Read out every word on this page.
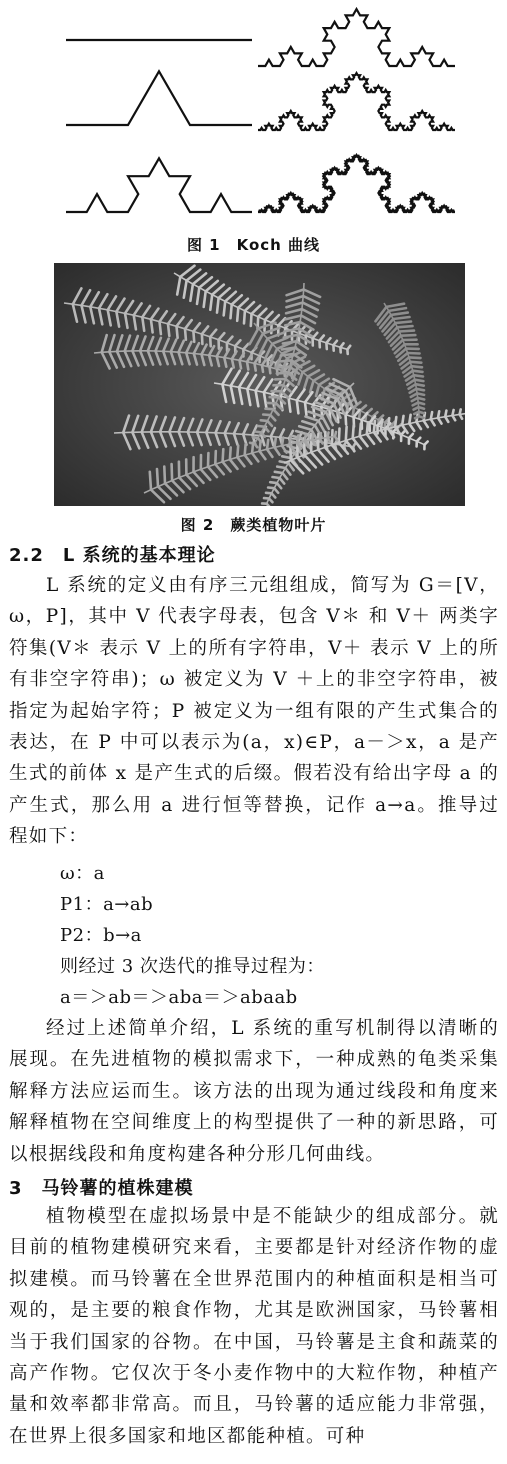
图 1　Koch 曲线
图 2　蕨类植物叶片
2.2　L 系统的基本理论

L 系统的定义由有序三元组组成，简写为 G＝[V，ω，P]，其中 V 代表字母表，包含 V＊ 和 V＋ 两类字符集(V＊ 表示 V 上的所有字符串，V＋ 表示 V 上的所有非空字符串)；ω 被定义为 V ＋上的非空字符串，被指定为起始字符；P 被定义为一组有限的产生式集合的表达，在 P 中可以表示为(a，x)∈P，a－＞x，a 是产生式的前体 x 是产生式的后缀。假若没有给出字母 a 的产生式，那么用 a 进行恒等替换，记作 a→a。推导过程如下：

ω：a
P1：a→ab
P2：b→a
则经过 3 次迭代的推导过程为：
a＝＞ab＝＞aba＝＞abaab

经过上述简单介绍，L 系统的重写机制得以清晰的展现。在先进植物的模拟需求下，一种成熟的龟类采集解释方法应运而生。该方法的出现为通过线段和角度来解释植物在空间维度上的构型提供了一种的新思路，可以根据线段和角度构建各种分形几何曲线。

3　马铃薯的植株建模

植物模型在虚拟场景中是不能缺少的组成部分。就目前的植物建模研究来看，主要都是针对经济作物的虚拟建模。而马铃薯在全世界范围内的种植面积是相当可观的，是主要的粮食作物，尤其是欧洲国家，马铃薯相当于我们国家的谷物。在中国，马铃薯是主食和蔬菜的高产作物。它仅次于冬小麦作物中的大粒作物，种植产量和效率都非常高。而且，马铃薯的适应能力非常强，在世界上很多国家和地区都能种植。可种
